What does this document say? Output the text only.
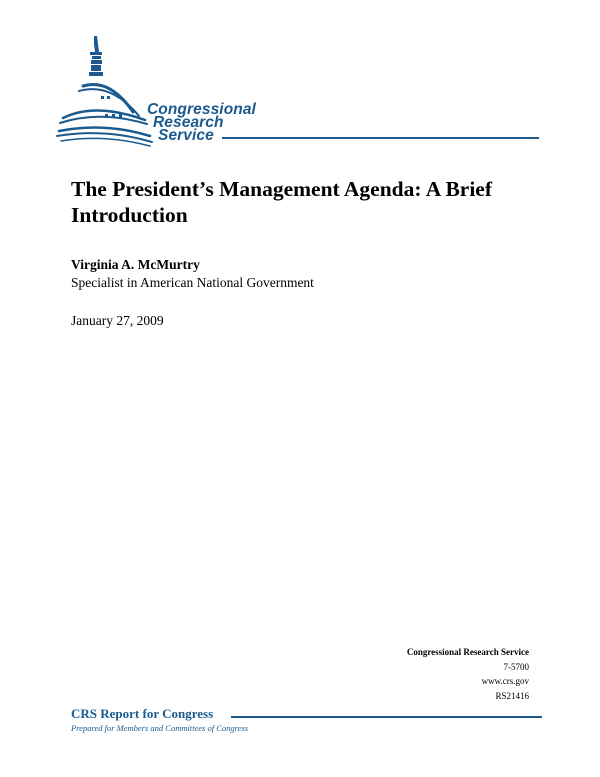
Congressional
Research
Service
The President’s Management Agenda: A Brief Introduction
Virginia A. McMurtry
Specialist in American National Government
January 27, 2009
Congressional Research Service
7-5700
www.crs.gov
RS21416
CRS Report for Congress
Prepared for Members and Committees of Congress
